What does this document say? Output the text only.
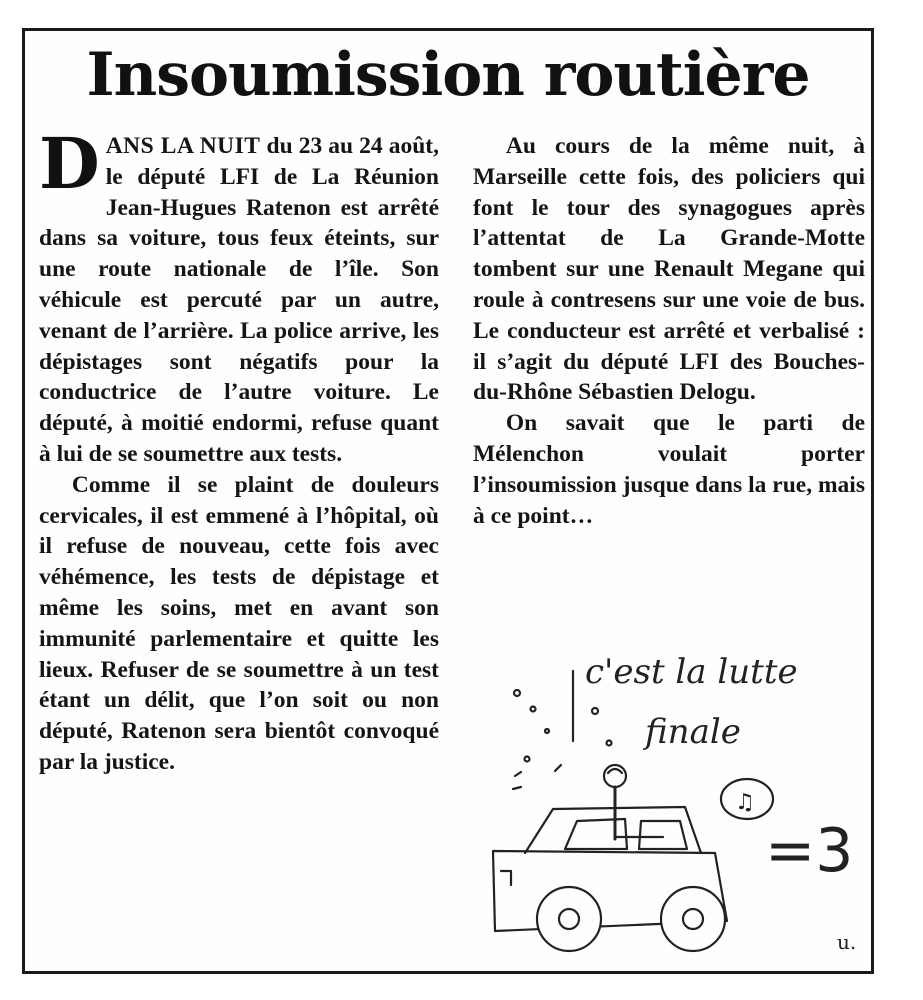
Insoumission routière

DANS LA NUIT du 23 au 24 août, le député LFI de La Réunion Jean-Hugues Ratenon est arrêté dans sa voiture, tous feux éteints, sur une route nationale de l’île. Son véhicule est percuté par un autre, venant de l’arrière. La police arrive, les dépistages sont négatifs pour la conductrice de l’autre voiture. Le député, à moitié endormi, refuse quant à lui de se soumettre aux tests.

Comme il se plaint de douleurs cervicales, il est emmené à l’hôpital, où il refuse de nouveau, cette fois avec véhémence, les tests de dépistage et même les soins, met en avant son immunité parlementaire et quitte les lieux. Refuser de se soumettre à un test étant un délit, que l’on soit ou non député, Ratenon sera bientôt convoqué par la justice.

Au cours de la même nuit, à Marseille cette fois, des policiers qui font le tour des synagogues après l’attentat de La Grande-Motte tombent sur une Renault Megane qui roule à contresens sur une voie de bus. Le conducteur est arrêté et verbalisé : il s’agit du député LFI des Bouches-du-Rhône Sébastien Delogu.

On savait que le parti de Mélenchon voulait porter l’insoumission jusque dans la rue, mais à ce point…

c'est la lutte
finale
♫
=3
u.
